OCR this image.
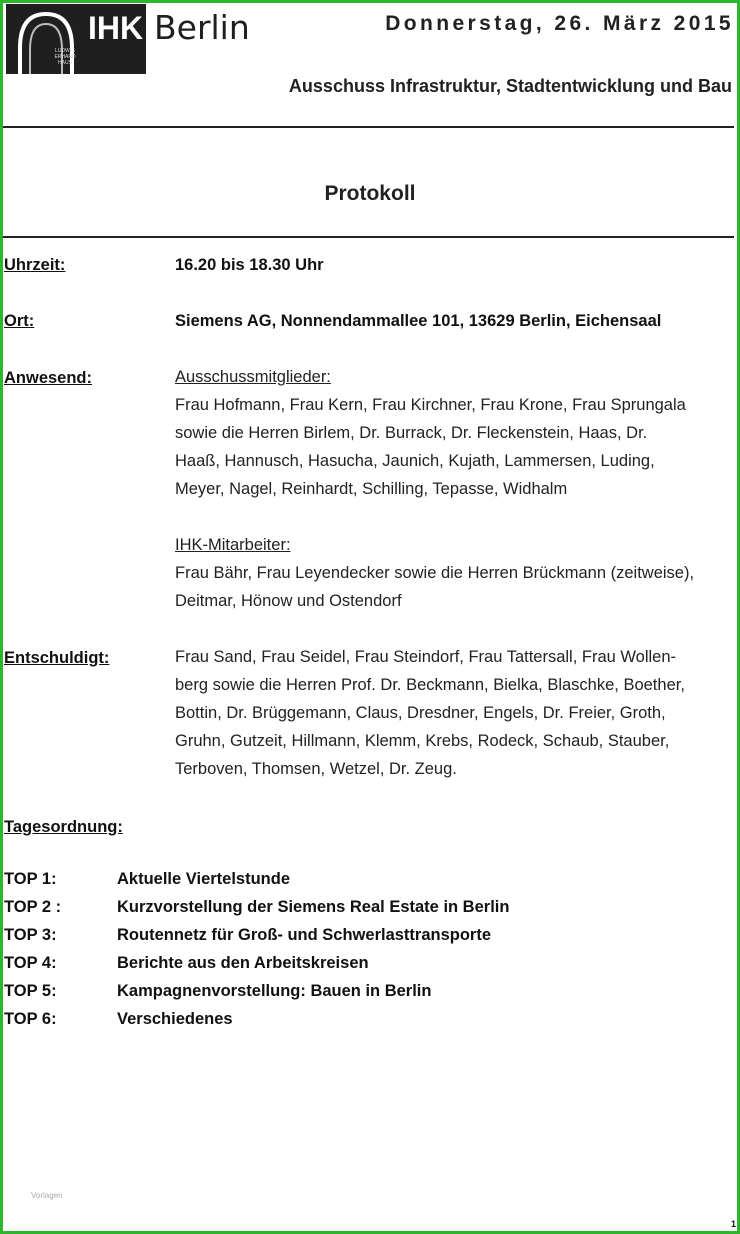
IHK
LUDWIG
ERHARD
HAUS
Berlin	Donnerstag, 26. März 2015
Ausschuss Infrastruktur, Stadtentwicklung und Bau
Protokoll
Uhrzeit:	16.20 bis 18.30 Uhr
Ort:	Siemens AG, Nonnendammallee 101, 13629 Berlin, Eichensaal
Anwesend:	Ausschussmitglieder:

Frau Hofmann, Frau Kern, Frau Kirchner, Frau Krone, Frau Sprungala

sowie die Herren Birlem, Dr. Burrack, Dr. Fleckenstein, Haas, Dr.

Haaß, Hannusch, Hasucha, Jaunich, Kujath, Lammersen, Luding,

Meyer, Nagel, Reinhardt, Schilling, Tepasse, Widhalm

IHK-Mitarbeiter:

Frau Bähr, Frau Leyendecker sowie die Herren Brückmann (zeitweise),

Deitmar, Hönow und Ostendorf

Entschuldigt:	Frau Sand, Frau Seidel, Frau Steindorf, Frau Tattersall, Frau Wollen-

berg sowie die Herren Prof. Dr. Beckmann, Bielka, Blaschke, Boether,

Bottin, Dr. Brüggemann, Claus, Dresdner, Engels, Dr. Freier, Groth,

Gruhn, Gutzeit, Hillmann, Klemm, Krebs, Rodeck, Schaub, Stauber,

Terboven, Thomsen, Wetzel, Dr. Zeug.

Tagesordnung:
TOP 1:	Aktuelle Viertelstunde
TOP 2 :	Kurzvorstellung der Siemens Real Estate in Berlin
TOP 3:	Routennetz für Groß- und Schwerlasttransporte
TOP 4:	Berichte aus den Arbeitskreisen
TOP 5:	Kampagnenvorstellung: Bauen in Berlin
TOP 6:	Verschiedenes
Vorlagen
1
